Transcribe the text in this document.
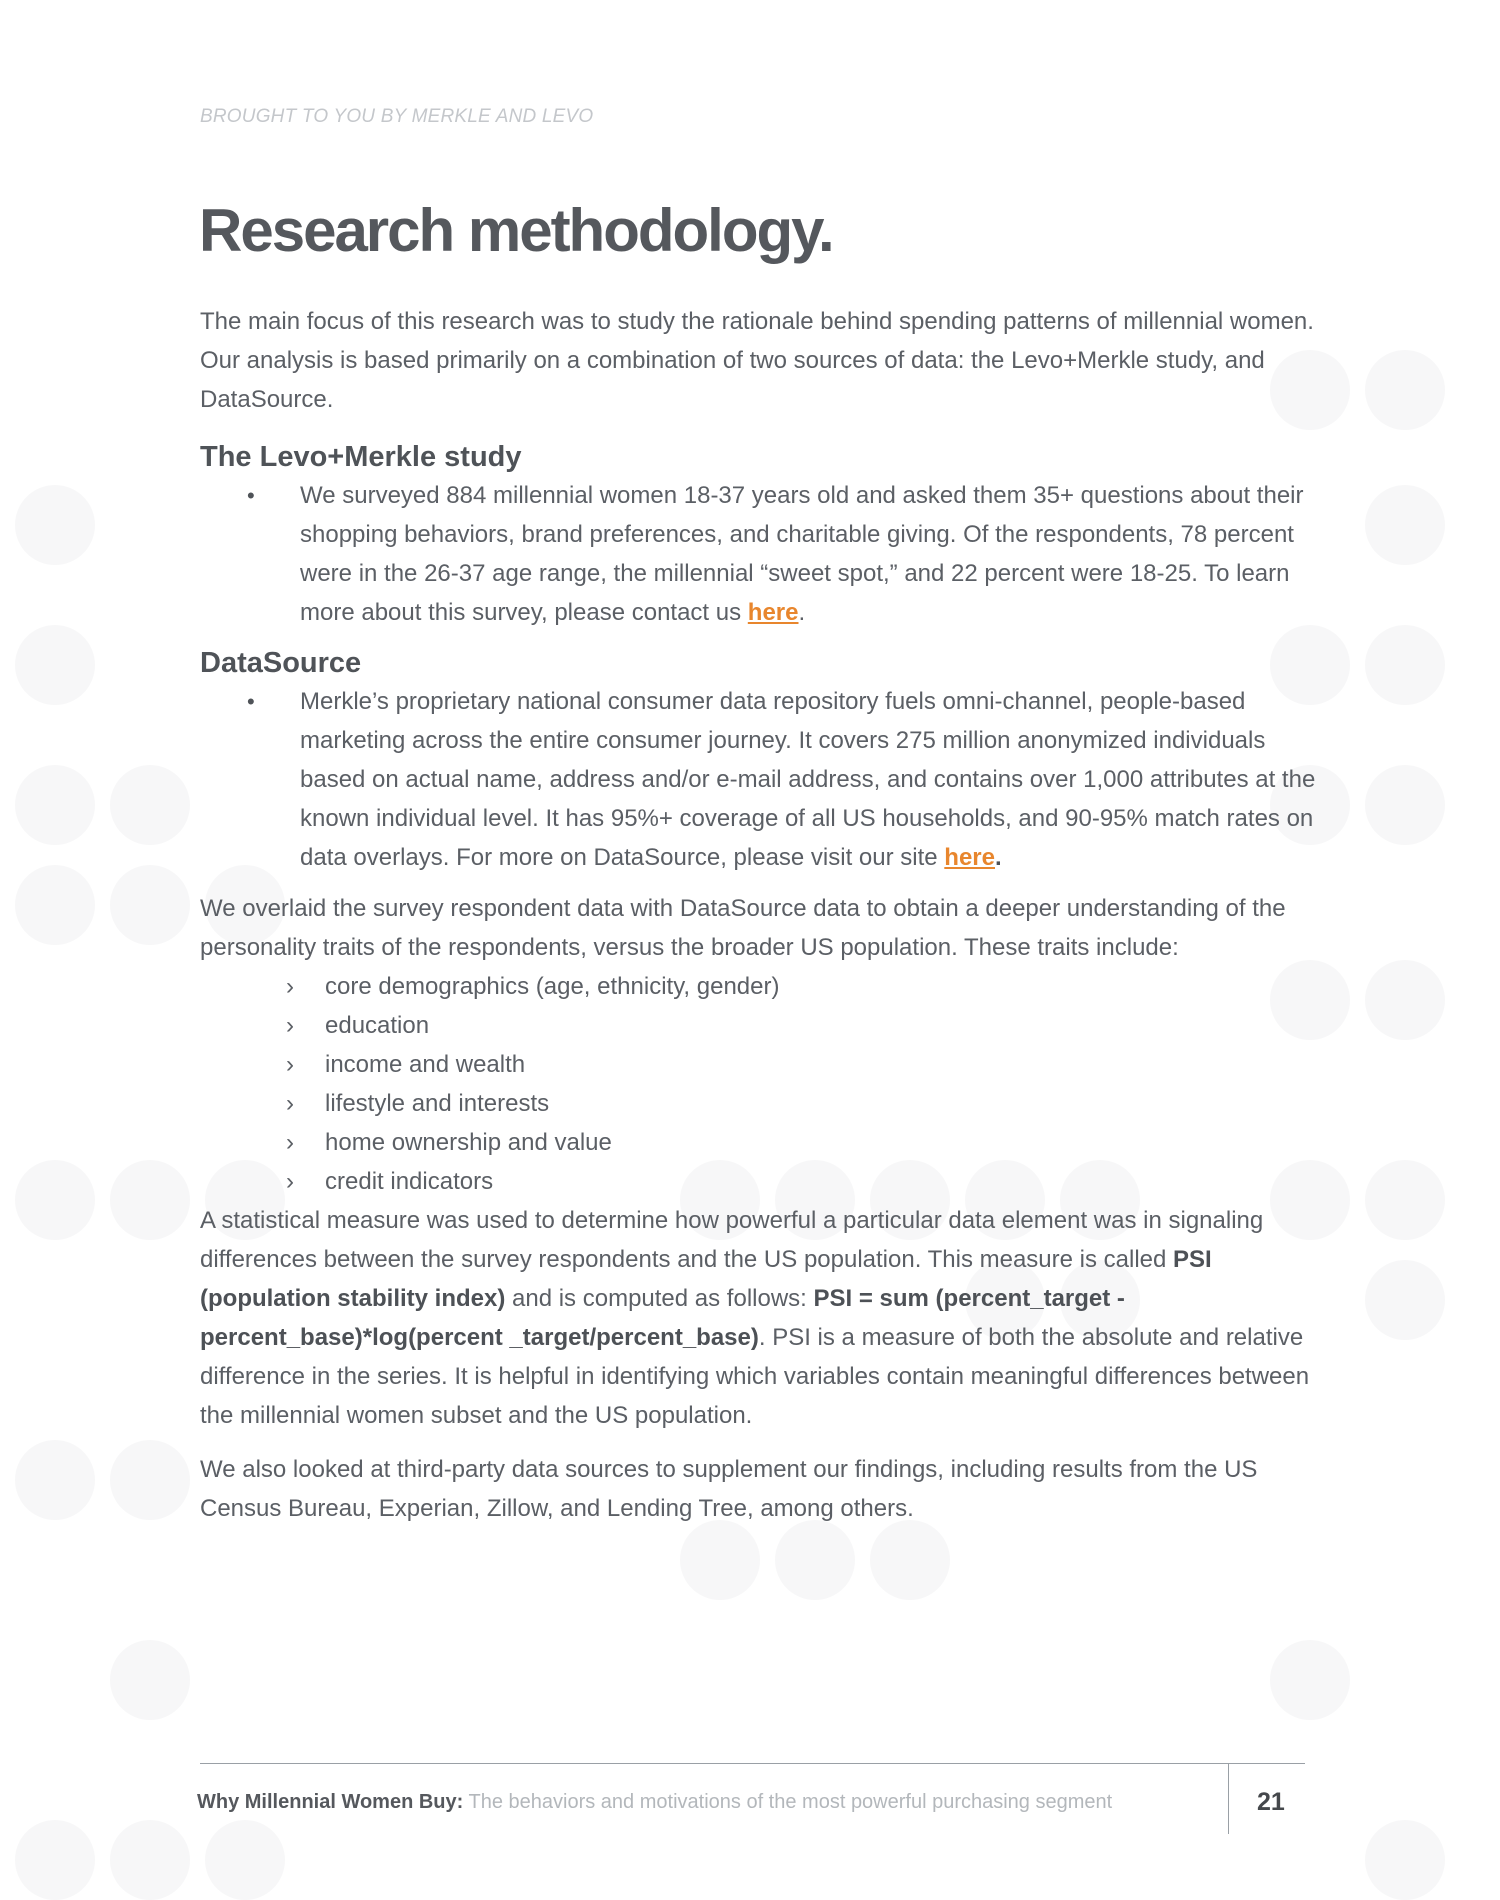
BROUGHT TO YOU BY MERKLE AND LEVO
Research methodology.

The main focus of this research was to study the rationale behind spending patterns of millennial women. Our analysis is based primarily on a combination of two sources of data: the Levo+Merkle study, and DataSource.

The Levo+Merkle study
• We surveyed 884 millennial women 18-37 years old and asked them 35+ questions about their shopping behaviors, brand preferences, and charitable giving. Of the respondents, 78 percent were in the 26-37 age range, the millennial “sweet spot,” and 22 percent were 18-25. To learn more about this survey, please contact us here.
DataSource
• Merkle’s proprietary national consumer data repository fuels omni-channel, people-based marketing across the entire consumer journey. It covers 275 million anonymized individuals based on actual name, address and/or e-mail address, and contains over 1,000 attributes at the known individual level. It has 95%+ coverage of all US households, and 90-95% match rates on data overlays. For more on DataSource, please visit our site here.

We overlaid the survey respondent data with DataSource data to obtain a deeper understanding of the personality traits of the respondents, versus the broader US population. These traits include:

› core demographics (age, ethnicity, gender)
› education
› income and wealth
› lifestyle and interests
› home ownership and value
› credit indicators

A statistical measure was used to determine how powerful a particular data element was in signaling differences between the survey respondents and the US population. This measure is called PSI (population stability index) and is computed as follows: PSI = sum (percent_target - percent_base)*log(percent _target/percent_base). PSI is a measure of both the absolute and relative difference in the series. It is helpful in identifying which variables contain meaningful differences between the millennial women subset and the US population.

We also looked at third-party data sources to supplement our findings, including results from the US Census Bureau, Experian, Zillow, and Lending Tree, among others.

Why Millennial Women Buy: The behaviors and motivations of the most powerful purchasing segment	21
